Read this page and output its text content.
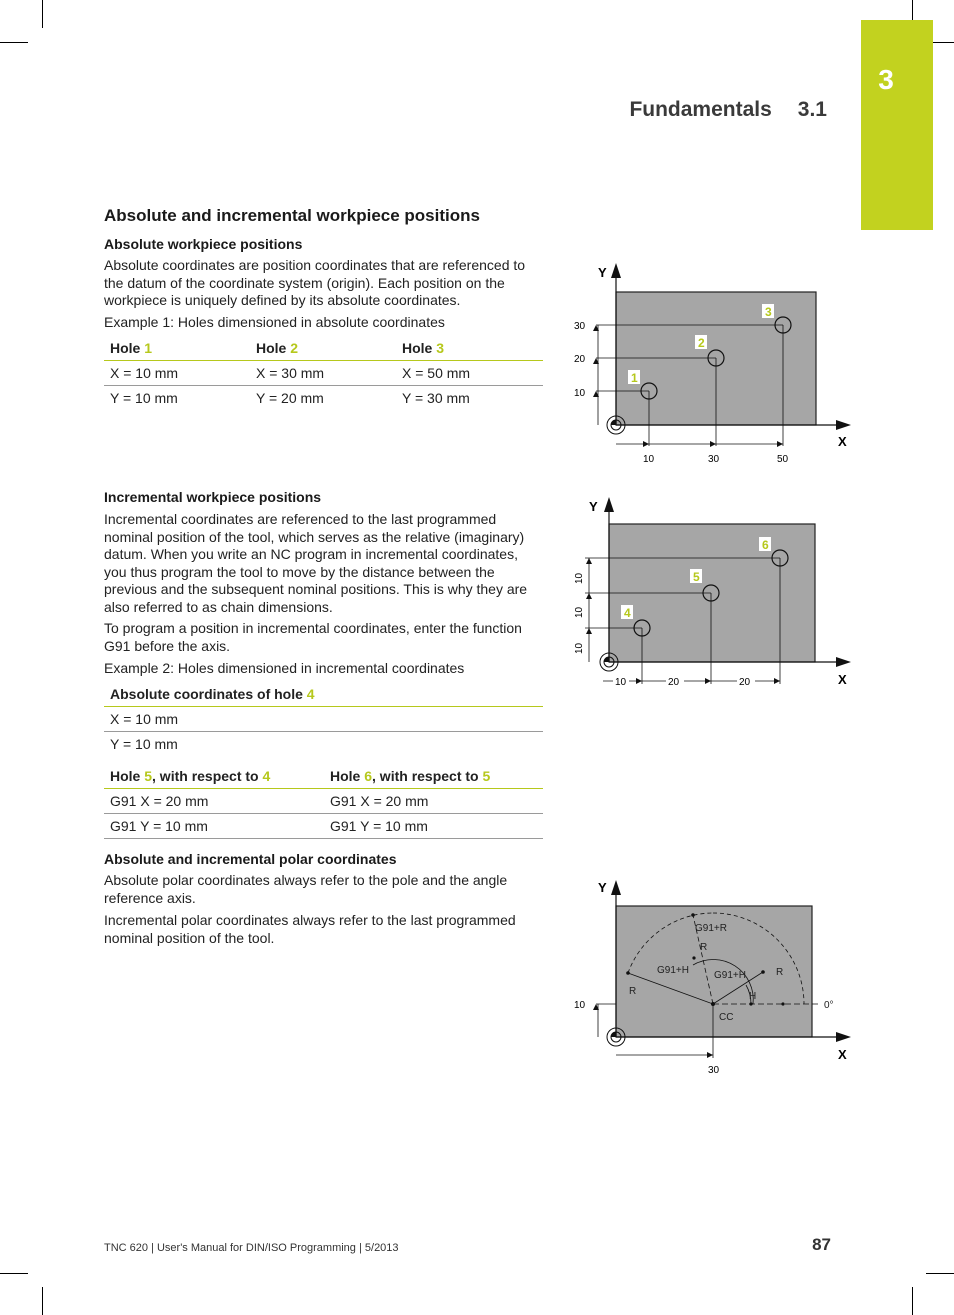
3
Fundamentals 3.1
Absolute and incremental workpiece positions
Absolute workpiece positions
Absolute coordinates are position coordinates that are referenced to the datum of the coordinate system (origin). Each position on the workpiece is uniquely defined by its absolute coordinates.
Example 1: Holes dimensioned in absolute coordinates
Hole 1	Hole 2	Hole 3
X = 10 mm	X = 30 mm	X = 50 mm
Y = 10 mm	Y = 20 mm	Y = 30 mm
Incremental workpiece positions
Incremental coordinates are referenced to the last programmed nominal position of the tool, which serves as the relative (imaginary) datum. When you write an NC program in incremental coordinates, you thus program the tool to move by the distance between the previous and the subsequent nominal positions. This is why they are also referred to as chain dimensions.
To program a position in incremental coordinates, enter the function G91 before the axis.
Example 2: Holes dimensioned in incremental coordinates
Absolute coordinates of hole 4
X = 10 mm
Y = 10 mm
Hole 5, with respect to 4	Hole 6, with respect to 5
G91 X = 20 mm	G91 X = 20 mm
G91 Y = 10 mm	G91 Y = 10 mm
Absolute and incremental polar coordinates
Absolute polar coordinates always refer to the pole and the angle reference axis.
Incremental polar coordinates always refer to the last programmed nominal position of the tool.
Y
X
30
20
10
10	30	50
1
2
3
Y
X
10
10
10
10	20	20
4
5
6
Y
X
10
30
CC
0°
G91+R
R
G91+H	G91+H	R
R	H
TNC 620 | User's Manual for DIN/ISO Programming | 5/2013	87
